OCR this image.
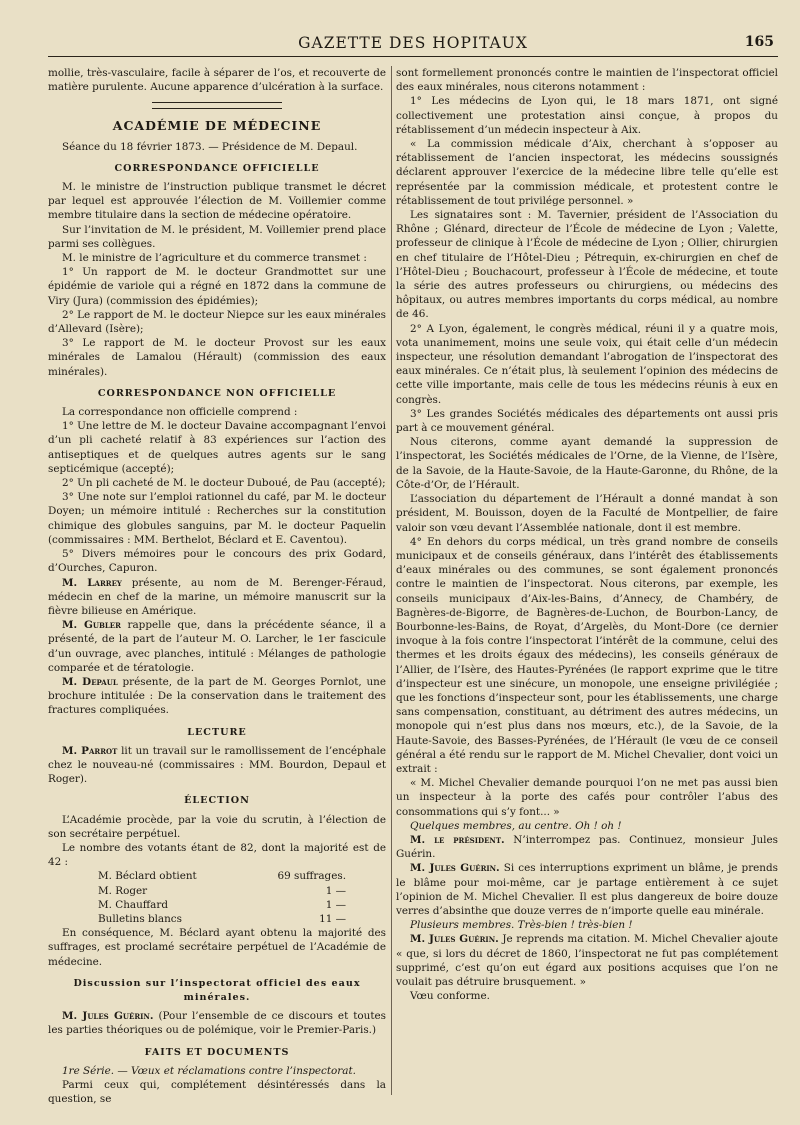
GAZETTE DES HOPITAUX	165

mollie, très-vasculaire, facile à séparer de l’os, et recouverte de matière purulente. Aucune apparence d’ulcération à la surface.

ACADÉMIE DE MÉDECINE

Séance du 18 février 1873. — Présidence de M. Depaul.

CORRESPONDANCE OFFICIELLE

M. le ministre de l’instruction publique transmet le décret par lequel est approuvée l’élection de M. Voillemier comme membre titulaire dans la section de médecine opératoire.

Sur l’invitation de M. le président, M. Voillemier prend place parmi ses collègues.

M. le ministre de l’agriculture et du commerce transmet :

1° Un rapport de M. le docteur Grandmottet sur une épidémie de variole qui a régné en 1872 dans la commune de Viry (Jura) (commission des épidémies);

2° Le rapport de M. le docteur Niepce sur les eaux minérales d’Allevard (Isère);

3° Le rapport de M. le docteur Provost sur les eaux minérales de Lamalou (Hérault) (commission des eaux minérales).

CORRESPONDANCE NON OFFICIELLE

La correspondance non officielle comprend :

1° Une lettre de M. le docteur Davaine accompagnant l’envoi d’un pli cacheté relatif à 83 expériences sur l’action des antiseptiques et de quelques autres agents sur le sang septicémique (accepté);

2° Un pli cacheté de M. le docteur Duboué, de Pau (accepté);

3° Une note sur l’emploi rationnel du café, par M. le docteur Doyen; un mémoire intitulé : Recherches sur la constitution chimique des globules sanguins, par M. le docteur Paquelin (commissaires : MM. Berthelot, Béclard et E. Caventou).

5° Divers mémoires pour le concours des prix Godard, d’Ourches, Capuron.

M. Larrey présente, au nom de M. Berenger-Féraud, médecin en chef de la marine, un mémoire manuscrit sur la fièvre bilieuse en Amérique.

M. Gubler rappelle que, dans la précédente séance, il a présenté, de la part de l’auteur M. O. Larcher, le 1er fascicule d’un ouvrage, avec planches, intitulé : Mélanges de pathologie comparée et de tératologie.

M. Depaul présente, de la part de M. Georges Pornlot, une brochure intitulée : De la conservation dans le traitement des fractures compliquées.

LECTURE

M. Parrot lit un travail sur le ramollissement de l’encéphale chez le nouveau-né (commissaires : MM. Bourdon, Depaul et Roger).

ÉLECTION

L’Académie procède, par la voie du scrutin, à l’élection de son secrétaire perpétuel.

Le nombre des votants étant de 82, dont la majorité est de 42 :

M. Béclard obtient	69 suffrages.
M. Roger	1 —
M. Chauffard	1 —
Bulletins blancs	11 —

En conséquence, M. Béclard ayant obtenu la majorité des suffrages, est proclamé secrétaire perpétuel de l’Académie de médecine.

Discussion sur l’inspectorat officiel des eaux minérales.

M. Jules Guérin. (Pour l’ensemble de ce discours et toutes les parties théoriques ou de polémique, voir le Premier-Paris.)

FAITS ET DOCUMENTS

1re Série. — Vœux et réclamations contre l’inspectorat.

Parmi ceux qui, complétement désintéressés dans la question, se

sont formellement prononcés contre le maintien de l’inspectorat officiel des eaux minérales, nous citerons notamment :

1° Les médecins de Lyon qui, le 18 mars 1871, ont signé collectivement une protestation ainsi conçue, à propos du rétablissement d’un médecin inspecteur à Aix.

« La commission médicale d’Aix, cherchant à s’opposer au rétablissement de l’ancien inspectorat, les médecins soussignés déclarent approuver l’exercice de la médecine libre telle qu’elle est représentée par la commission médicale, et protestent contre le rétablissement de tout privilége personnel. »

Les signataires sont : M. Tavernier, président de l’Association du Rhône ; Glénard, directeur de l’École de médecine de Lyon ; Valette, professeur de clinique à l’École de médecine de Lyon ; Ollier, chirurgien en chef titulaire de l’Hôtel-Dieu ; Pétrequin, ex-chirurgien en chef de l’Hôtel-Dieu ; Bouchacourt, professeur à l’École de médecine, et toute la série des autres professeurs ou chirurgiens, ou médecins des hôpitaux, ou autres membres importants du corps médical, au nombre de 46.

2° A Lyon, également, le congrès médical, réuni il y a quatre mois, vota unanimement, moins une seule voix, qui était celle d’un médecin inspecteur, une résolution demandant l’abrogation de l’inspectorat des eaux minérales. Ce n’était plus, là seulement l’opinion des médecins de cette ville importante, mais celle de tous les médecins réunis à eux en congrès.

3° Les grandes Sociétés médicales des départements ont aussi pris part à ce mouvement général.

Nous citerons, comme ayant demandé la suppression de l’inspectorat, les Sociétés médicales de l’Orne, de la Vienne, de l’Isère, de la Savoie, de la Haute-Savoie, de la Haute-Garonne, du Rhône, de la Côte-d’Or, de l’Hérault.

L’association du département de l’Hérault a donné mandat à son président, M. Bouisson, doyen de la Faculté de Montpellier, de faire valoir son vœu devant l’Assemblée nationale, dont il est membre.

4° En dehors du corps médical, un très grand nombre de conseils municipaux et de conseils généraux, dans l’intérêt des établissements d’eaux minérales ou des communes, se sont également prononcés contre le maintien de l’inspectorat. Nous citerons, par exemple, les conseils municipaux d’Aix-les-Bains, d’Annecy, de Chambéry, de Bagnères-de-Bigorre, de Bagnères-de-Luchon, de Bourbon-Lancy, de Bourbonne-les-Bains, de Royat, d’Argelès, du Mont-Dore (ce dernier invoque à la fois contre l’inspectorat l’intérêt de la commune, celui des thermes et les droits égaux des médecins), les conseils généraux de l’Allier, de l’Isère, des Hautes-Pyrénées (le rapport exprime que le titre d’inspecteur est une sinécure, un monopole, une enseigne privilégiée ; que les fonctions d’inspecteur sont, pour les établissements, une charge sans compensation, constituant, au détriment des autres médecins, un monopole qui n’est plus dans nos mœurs, etc.), de la Savoie, de la Haute-Savoie, des Basses-Pyrénées, de l’Hérault (le vœu de ce conseil général a été rendu sur le rapport de M. Michel Chevalier, dont voici un extrait :

« M. Michel Chevalier demande pourquoi l’on ne met pas aussi bien un inspecteur à la porte des cafés pour contrôler l’abus des consommations qui s’y font... »

Quelques membres, au centre. Oh ! oh !

M. le président. N’interrompez pas. Continuez, monsieur Jules Guérin.

M. Jules Guérin. Si ces interruptions expriment un blâme, je prends le blâme pour moi-même, car je partage entièrement à ce sujet l’opinion de M. Michel Chevalier. Il est plus dangereux de boire douze verres d’absinthe que douze verres de n’importe quelle eau minérale.

Plusieurs membres. Très-bien ! très-bien !

M. Jules Guérin. Je reprends ma citation. M. Michel Chevalier ajoute « que, si lors du décret de 1860, l’inspectorat ne fut pas complétement supprimé, c’est qu’on eut égard aux positions acquises que l’on ne voulait pas détruire brusquement. »

Vœu conforme.
